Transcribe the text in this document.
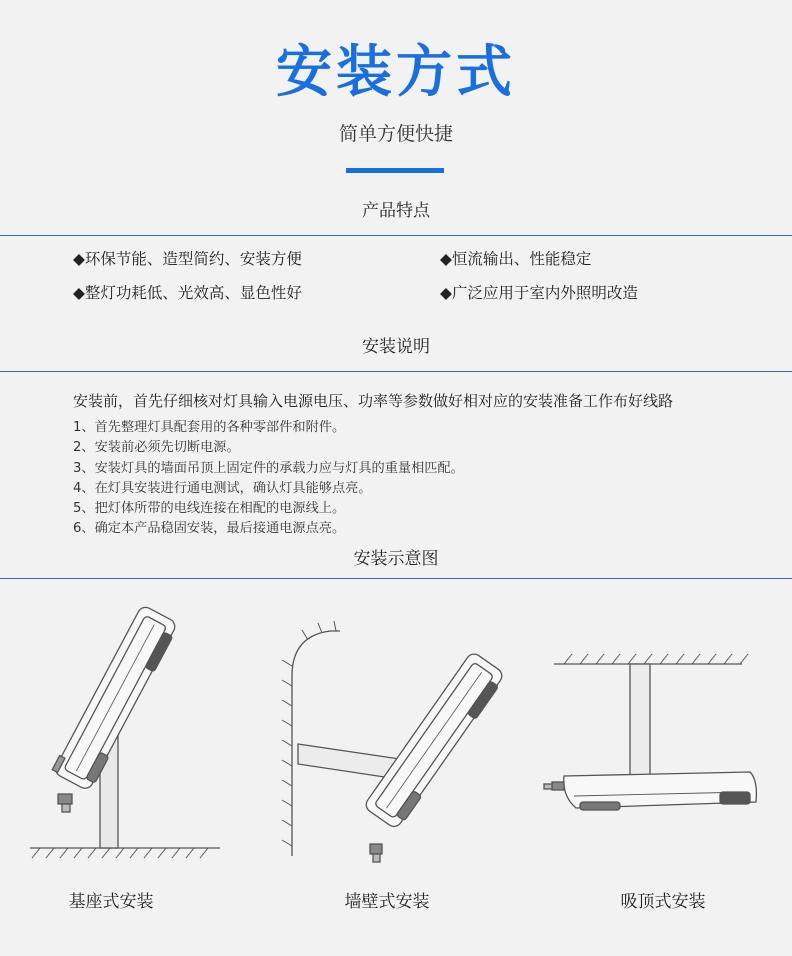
安装方式
简单方便快捷
产品特点
◆环保节能、造型简约、安装方便	◆恒流输出、性能稳定
◆整灯功耗低、光效高、显色性好	◆广泛应用于室内外照明改造
安装说明
安装前，首先仔细核对灯具输入电源电压、功率等参数做好相对应的安装准备工作布好线路
1、首先整理灯具配套用的各种零部件和附件。
2、安装前必须先切断电源。
3、安装灯具的墙面吊顶上固定件的承载力应与灯具的重量相匹配。
4、在灯具安装进行通电测试，确认灯具能够点亮。
5、把灯体所带的电线连接在相配的电源线上。
6、确定本产品稳固安装，最后接通电源点亮。
安装示意图
基座式安装	墙壁式安装	吸顶式安装
